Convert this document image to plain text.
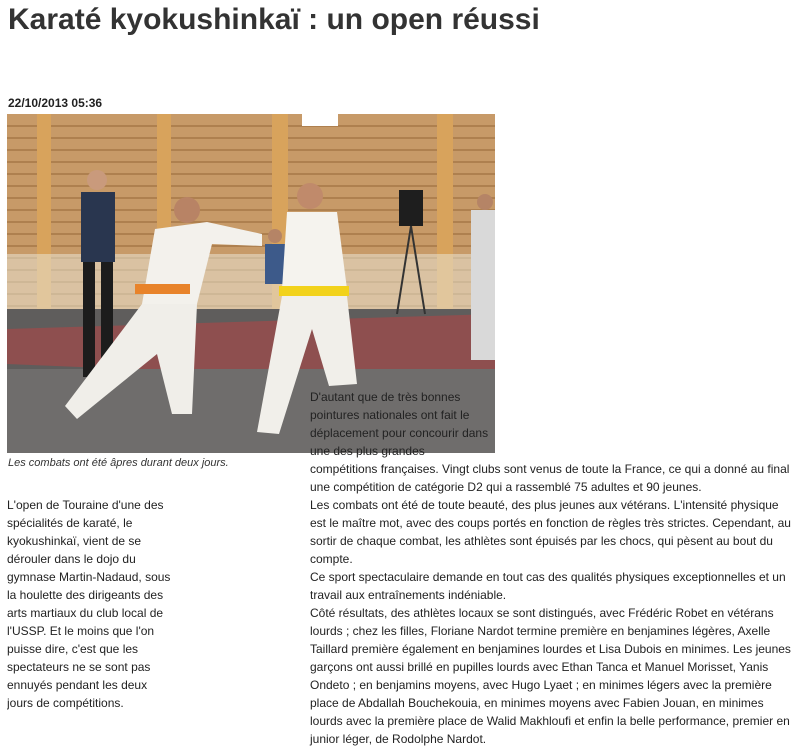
Karaté kyokushinkaï : un open réussi
22/10/2013 05:36
Les combats ont été âpres durant deux jours.

L'open de Touraine d'une des spécialités de karaté, le kyokushinkaï, vient de se dérouler dans le dojo du gymnase Martin-Nadaud, sous la houlette des dirigeants des arts martiaux du club local de l'USSP. Et le moins que l'on puisse dire, c'est que les spectateurs ne se sont pas ennuyés pendant les deux jours de compétitions.

D'autant que de très bonnes pointures nationales ont fait le déplacement pour concourir dans une des plus grandes

compétitions françaises. Vingt clubs sont venus de toute la France, ce qui a donné au final une compétition de catégorie D2 qui a rassemblé 75 adultes et 90 jeunes.

Les combats ont été de toute beauté, des plus jeunes aux vétérans. L'intensité physique est le maître mot, avec des coups portés en fonction de règles très strictes. Cependant, au sortir de chaque combat, les athlètes sont épuisés par les chocs, qui pèsent au bout du compte.

Ce sport spectaculaire demande en tout cas des qualités physiques exceptionnelles et un travail aux entraînements indéniable.

Côté résultats, des athlètes locaux se sont distingués, avec Frédéric Robet en vétérans lourds ; chez les filles, Floriane Nardot termine première en benjamines légères, Axelle Taillard première également en benjamines lourdes et Lisa Dubois en minimes. Les jeunes garçons ont aussi brillé en pupilles lourds avec Ethan Tanca et Manuel Morisset, Yanis Ondeto ; en benjamins moyens, avec Hugo Lyaet ; en minimes légers avec la première place de Abdallah Bouchekouia, en minimes moyens avec Fabien Jouan, en minimes lourds avec la première place de Walid Makhloufi et enfin la belle performance, premier en junior léger, de Rodolphe Nardot.
